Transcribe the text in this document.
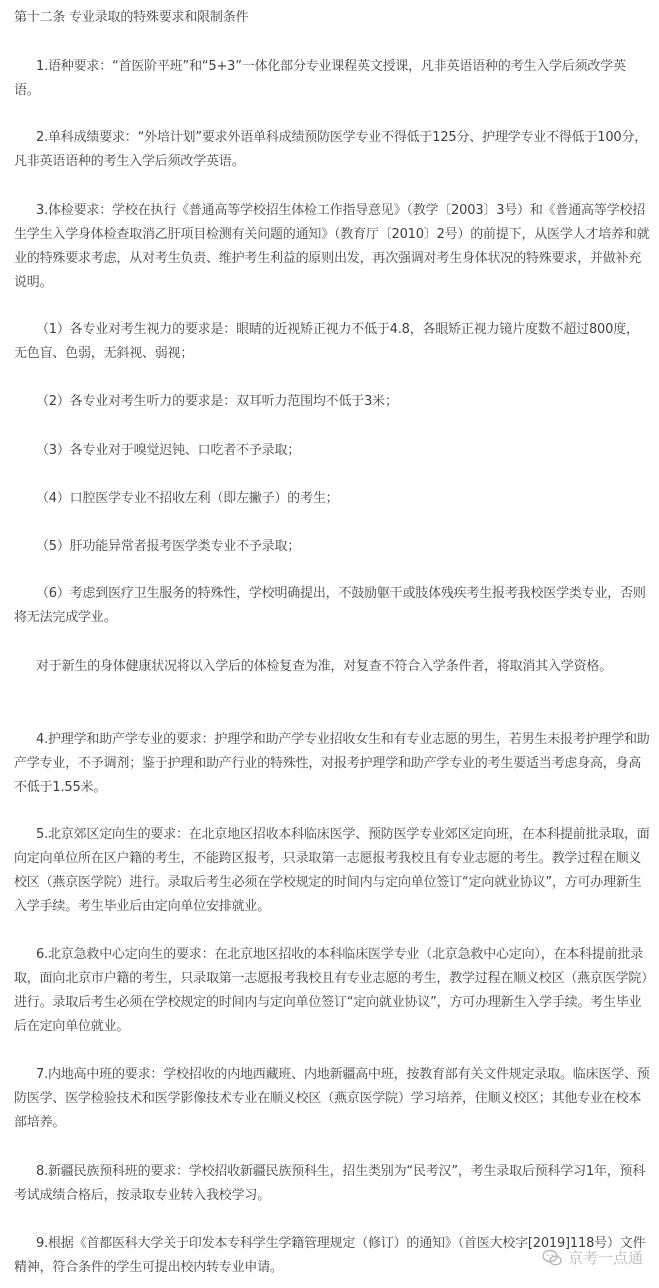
第十二条 专业录取的特殊要求和限制条件

1.语种要求：“首医阶平班”和“5+3”一体化部分专业课程英文授课，凡非英语语种的考生入学后须改学英语。

2.单科成绩要求：“外培计划”要求外语单科成绩预防医学专业不得低于125分、护理学专业不得低于100分，凡非英语语种的考生入学后须改学英语。

3.体检要求：学校在执行《普通高等学校招生体检工作指导意见》（教学〔2003〕3号）和《普通高等学校招生学生入学身体检查取消乙肝项目检测有关问题的通知》（教育厅〔2010〕2号）的前提下，从医学人才培养和就业的特殊要求考虑，从对考生负责、维护考生利益的原则出发，再次强调对考生身体状况的特殊要求，并做补充说明。

（1）各专业对考生视力的要求是：眼睛的近视矫正视力不低于4.8，各眼矫正视力镜片度数不超过800度，无色盲、色弱，无斜视、弱视；

（2）各专业对考生听力的要求是：双耳听力范围均不低于3米；

（3）各专业对于嗅觉迟钝、口吃者不予录取；

（4）口腔医学专业不招收左利（即左撇子）的考生；

（5）肝功能异常者报考医学类专业不予录取；

（6）考虑到医疗卫生服务的特殊性，学校明确提出，不鼓励躯干或肢体残疾考生报考我校医学类专业，否则将无法完成学业。

对于新生的身体健康状况将以入学后的体检复查为准，对复查不符合入学条件者，将取消其入学资格。

4.护理学和助产学专业的要求：护理学和助产学专业招收女生和有专业志愿的男生，若男生未报考护理学和助产学专业，不予调剂；鉴于护理和助产行业的特殊性，对报考护理学和助产学专业的考生要适当考虑身高，身高不低于1.55米。

5.北京郊区定向生的要求：在北京地区招收本科临床医学、预防医学专业郊区定向班，在本科提前批录取，面向定向单位所在区户籍的考生，不能跨区报考，只录取第一志愿报考我校且有专业志愿的考生。教学过程在顺义校区（燕京医学院）进行。录取后考生必须在学校规定的时间内与定向单位签订“定向就业协议”，方可办理新生入学手续。考生毕业后由定向单位安排就业。

6.北京急救中心定向生的要求：在北京地区招收的本科临床医学专业（北京急救中心定向），在本科提前批录取，面向北京市户籍的考生，只录取第一志愿报考我校且有专业志愿的考生，教学过程在顺义校区（燕京医学院）进行。录取后考生必须在学校规定的时间内与定向单位签订“定向就业协议”，方可办理新生入学手续。考生毕业后在定向单位就业。

7.内地高中班的要求：学校招收的内地西藏班、内地新疆高中班，按教育部有关文件规定录取。临床医学、预防医学、医学检验技术和医学影像技术专业在顺义校区（燕京医学院）学习培养，住顺义校区；其他专业在校本部培养。

8.新疆民族预科班的要求：学校招收新疆民族预科生，招生类别为“民考汉”，考生录取后预科学习1年，预科考试成绩合格后，按录取专业转入我校学习。

9.根据《首都医科大学关于印发本专科学生学籍管理规定（修订）的通知》（首医大校字[2019]118号）文件精神，符合条件的学生可提出校内转专业申请。

京考一点通
